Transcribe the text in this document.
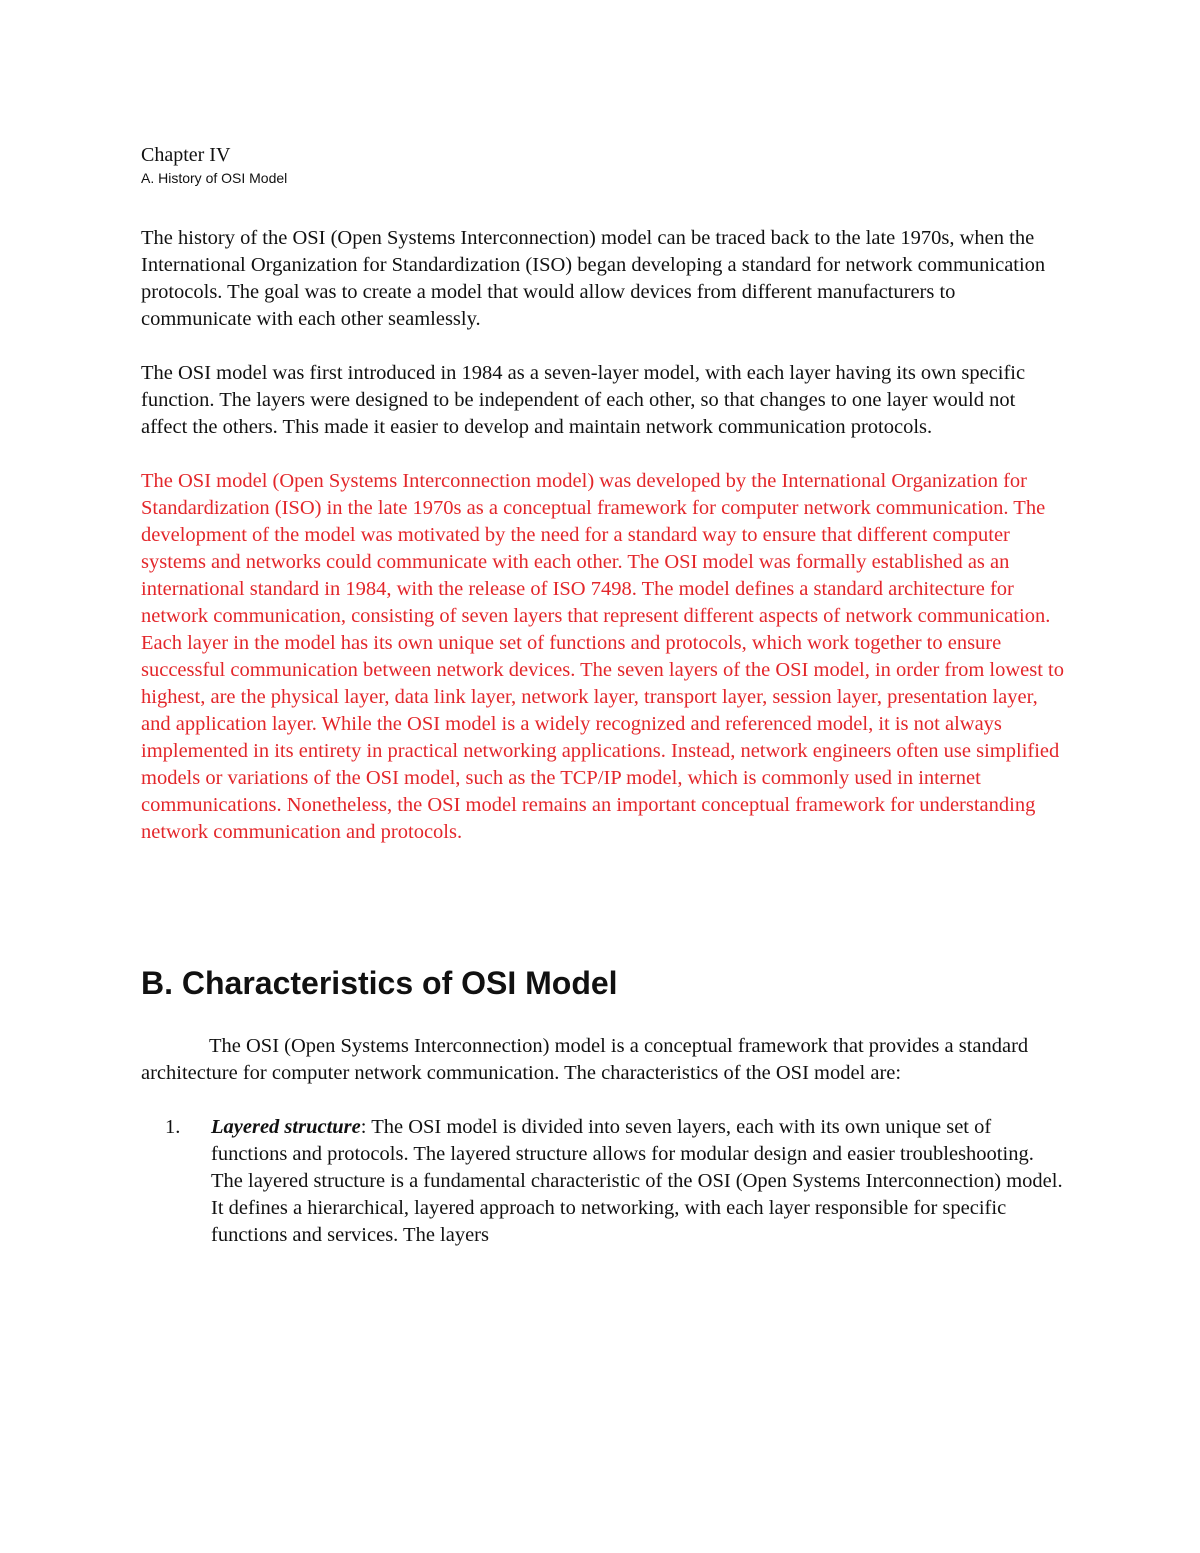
Chapter IV

A. History of OSI Model

The history of the OSI (Open Systems Interconnection) model can be traced back to the late 1970s, when the International Organization for Standardization (ISO) began developing a standard for network communication protocols. The goal was to create a model that would allow devices from different manufacturers to communicate with each other seamlessly.

The OSI model was first introduced in 1984 as a seven-layer model, with each layer having its own specific function. The layers were designed to be independent of each other, so that changes to one layer would not affect the others. This made it easier to develop and maintain network communication protocols.

The OSI model (Open Systems Interconnection model) was developed by the International Organization for Standardization (ISO) in the late 1970s as a conceptual framework for computer network communication. The development of the model was motivated by the need for a standard way to ensure that different computer systems and networks could communicate with each other. The OSI model was formally established as an international standard in 1984, with the release of ISO 7498. The model defines a standard architecture for network communication, consisting of seven layers that represent different aspects of network communication. Each layer in the model has its own unique set of functions and protocols, which work together to ensure successful communication between network devices. The seven layers of the OSI model, in order from lowest to highest, are the physical layer, data link layer, network layer, transport layer, session layer, presentation layer, and application layer. While the OSI model is a widely recognized and referenced model, it is not always implemented in its entirety in practical networking applications. Instead, network engineers often use simplified models or variations of the OSI model, such as the TCP/IP model, which is commonly used in internet communications. Nonetheless, the OSI model remains an important conceptual framework for understanding network communication and protocols.

B. Characteristics of OSI Model

The OSI (Open Systems Interconnection) model is a conceptual framework that provides a standard architecture for computer network communication. The characteristics of the OSI model are:

1. Layered structure: The OSI model is divided into seven layers, each with its own unique set of functions and protocols. The layered structure allows for modular design and easier troubleshooting. The layered structure is a fundamental characteristic of the OSI (Open Systems Interconnection) model. It defines a hierarchical, layered approach to networking, with each layer responsible for specific functions and services. The layers
